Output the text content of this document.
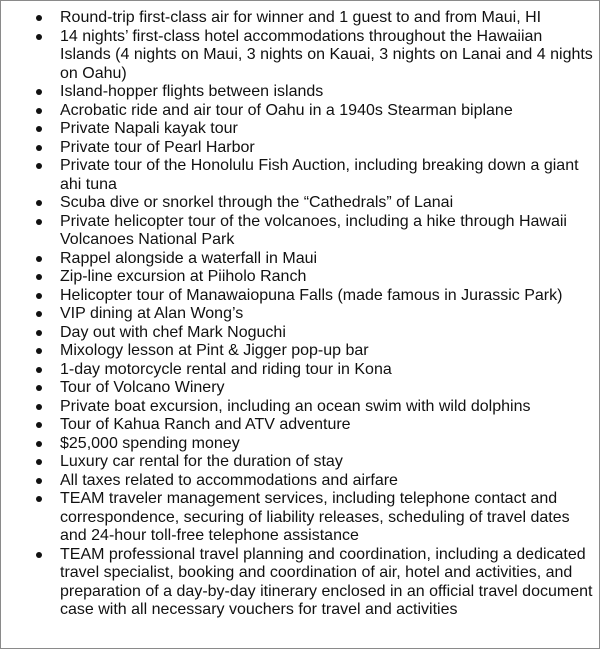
Round-trip first-class air for winner and 1 guest to and from Maui, HI
14 nights’ first-class hotel accommodations throughout the Hawaiian Islands (4 nights on Maui, 3 nights on Kauai, 3 nights on Lanai and 4 nights on Oahu)
Island-hopper flights between islands
Acrobatic ride and air tour of Oahu in a 1940s Stearman biplane
Private Napali kayak tour
Private tour of Pearl Harbor
Private tour of the Honolulu Fish Auction, including breaking down a giant ahi tuna
Scuba dive or snorkel through the “Cathedrals” of Lanai
Private helicopter tour of the volcanoes, including a hike through Hawaii Volcanoes National Park
Rappel alongside a waterfall in Maui
Zip-line excursion at Piiholo Ranch
Helicopter tour of Manawaiopuna Falls (made famous in Jurassic Park)
VIP dining at Alan Wong’s
Day out with chef Mark Noguchi
Mixology lesson at Pint & Jigger pop-up bar
1-day motorcycle rental and riding tour in Kona
Tour of Volcano Winery
Private boat excursion, including an ocean swim with wild dolphins
Tour of Kahua Ranch and ATV adventure
$25,000 spending money
Luxury car rental for the duration of stay
All taxes related to accommodations and airfare
TEAM traveler management services, including telephone contact and correspondence, securing of liability releases, scheduling of travel dates and 24-hour toll-free telephone assistance
TEAM professional travel planning and coordination, including a dedicated travel specialist, booking and coordination of air, hotel and activities, and preparation of a day-by-day itinerary enclosed in an official travel document case with all necessary vouchers for travel and activities
